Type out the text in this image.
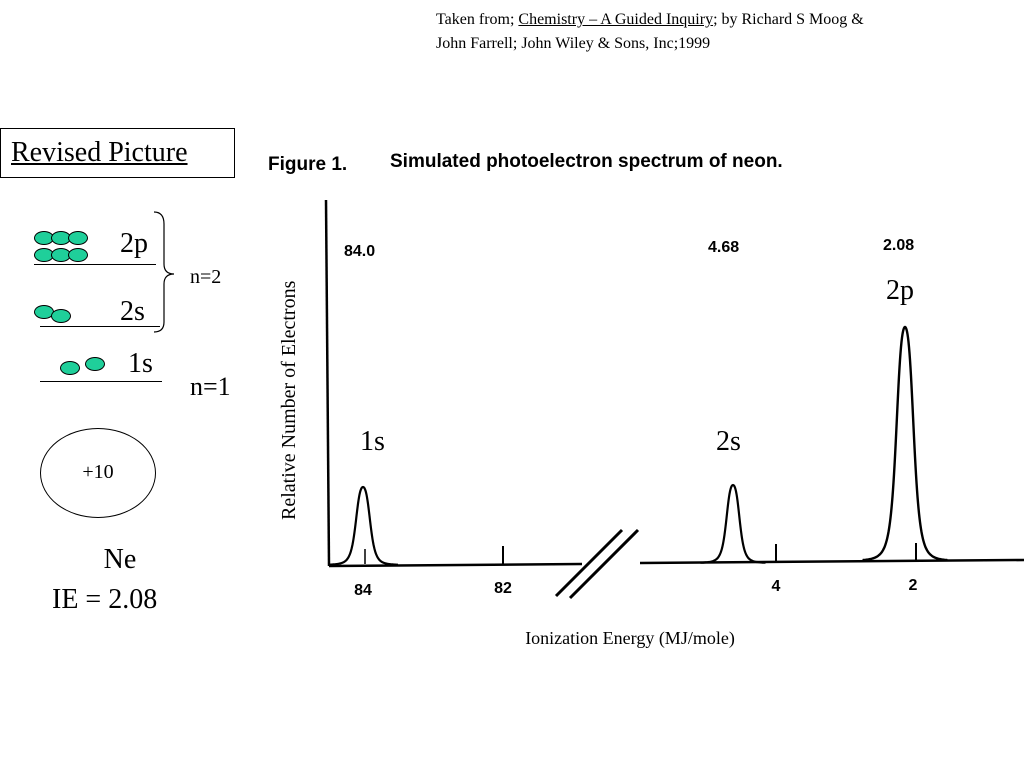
Taken from; Chemistry – A Guided Inquiry; by Richard S Moog &
John Farrell; John Wiley & Sons, Inc;1999
Revised Picture
2p
2s
n=2
1s
n=1
+10
Ne
IE = 2.08
Figure 1. Simulated photoelectron spectrum of neon.
Relative Number of Electrons
84	82	4	2
Ionization Energy (MJ/mole)
84.0	4.68	2.08
1s	2s
2p
